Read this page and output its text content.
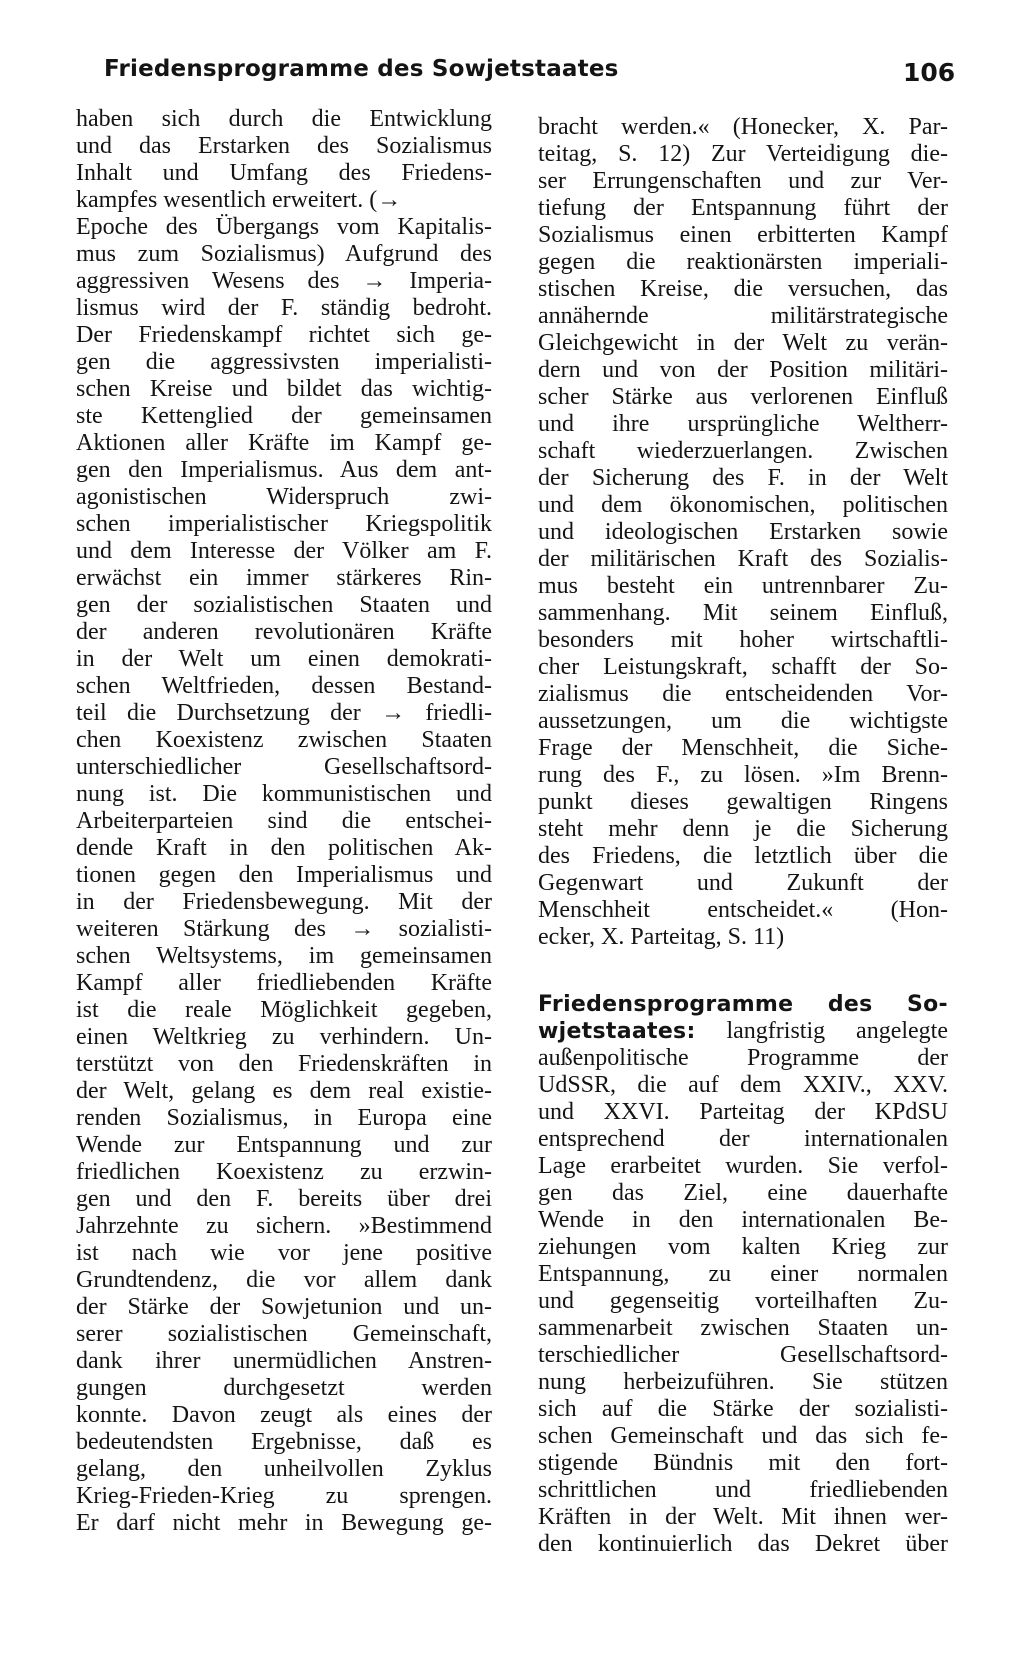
Friedensprogramme des Sowjetstaates	106
haben sich durch die Entwicklung
und das Erstarken des Sozialismus
Inhalt und Umfang des Friedens-
kampfes wesentlich erweitert. (→
Epoche des Übergangs vom Kapitalis-
mus zum Sozialismus) Aufgrund des
aggressiven Wesens des → Imperia-
lismus wird der F. ständig bedroht.
Der Friedenskampf richtet sich ge-
gen die aggressivsten imperialisti-
schen Kreise und bildet das wichtig-
ste Kettenglied der gemeinsamen
Aktionen aller Kräfte im Kampf ge-
gen den Imperialismus. Aus dem ant-
agonistischen Widerspruch zwi-
schen imperialistischer Kriegspolitik
und dem Interesse der Völker am F.
erwächst ein immer stärkeres Rin-
gen der sozialistischen Staaten und
der anderen revolutionären Kräfte
in der Welt um einen demokrati-
schen Weltfrieden, dessen Bestand-
teil die Durchsetzung der → friedli-
chen Koexistenz zwischen Staaten
unterschiedlicher Gesellschaftsord-
nung ist. Die kommunistischen und
Arbeiterparteien sind die entschei-
dende Kraft in den politischen Ak-
tionen gegen den Imperialismus und
in der Friedensbewegung. Mit der
weiteren Stärkung des → sozialisti-
schen Weltsystems, im gemeinsamen
Kampf aller friedliebenden Kräfte
ist die reale Möglichkeit gegeben,
einen Weltkrieg zu verhindern. Un-
terstützt von den Friedenskräften in
der Welt, gelang es dem real existie-
renden Sozialismus, in Europa eine
Wende zur Entspannung und zur
friedlichen Koexistenz zu erzwin-
gen und den F. bereits über drei
Jahrzehnte zu sichern. »Bestimmend
ist nach wie vor jene positive
Grundtendenz, die vor allem dank
der Stärke der Sowjetunion und un-
serer sozialistischen Gemeinschaft,
dank ihrer unermüdlichen Anstren-
gungen durchgesetzt werden
konnte. Davon zeugt als eines der
bedeutendsten Ergebnisse, daß es
gelang, den unheilvollen Zyklus
Krieg-Frieden-Krieg zu sprengen.
Er darf nicht mehr in Bewegung ge-
bracht werden.« (Honecker, X. Par-
teitag, S. 12) Zur Verteidigung die-
ser Errungenschaften und zur Ver-
tiefung der Entspannung führt der
Sozialismus einen erbitterten Kampf
gegen die reaktionärsten imperiali-
stischen Kreise, die versuchen, das
annähernde militärstrategische
Gleichgewicht in der Welt zu verän-
dern und von der Position militäri-
scher Stärke aus verlorenen Einfluß
und ihre ursprüngliche Weltherr-
schaft wiederzuerlangen. Zwischen
der Sicherung des F. in der Welt
und dem ökonomischen, politischen
und ideologischen Erstarken sowie
der militärischen Kraft des Sozialis-
mus besteht ein untrennbarer Zu-
sammenhang. Mit seinem Einfluß,
besonders mit hoher wirtschaftli-
cher Leistungskraft, schafft der So-
zialismus die entscheidenden Vor-
aussetzungen, um die wichtigste
Frage der Menschheit, die Siche-
rung des F., zu lösen. »Im Brenn-
punkt dieses gewaltigen Ringens
steht mehr denn je die Sicherung
des Friedens, die letztlich über die
Gegenwart und Zukunft der
Menschheit entscheidet.« (Hon-
ecker, X. Parteitag, S. 11)
Friedensprogramme des So-
wjetstaates: langfristig angelegte
außenpolitische Programme der
UdSSR, die auf dem XXIV., XXV.
und XXVI. Parteitag der KPdSU
entsprechend der internationalen
Lage erarbeitet wurden. Sie verfol-
gen das Ziel, eine dauerhafte
Wende in den internationalen Be-
ziehungen vom kalten Krieg zur
Entspannung, zu einer normalen
und gegenseitig vorteilhaften Zu-
sammenarbeit zwischen Staaten un-
terschiedlicher Gesellschaftsord-
nung herbeizuführen. Sie stützen
sich auf die Stärke der sozialisti-
schen Gemeinschaft und das sich fe-
stigende Bündnis mit den fort-
schrittlichen und friedliebenden
Kräften in der Welt. Mit ihnen wer-
den kontinuierlich das Dekret über
